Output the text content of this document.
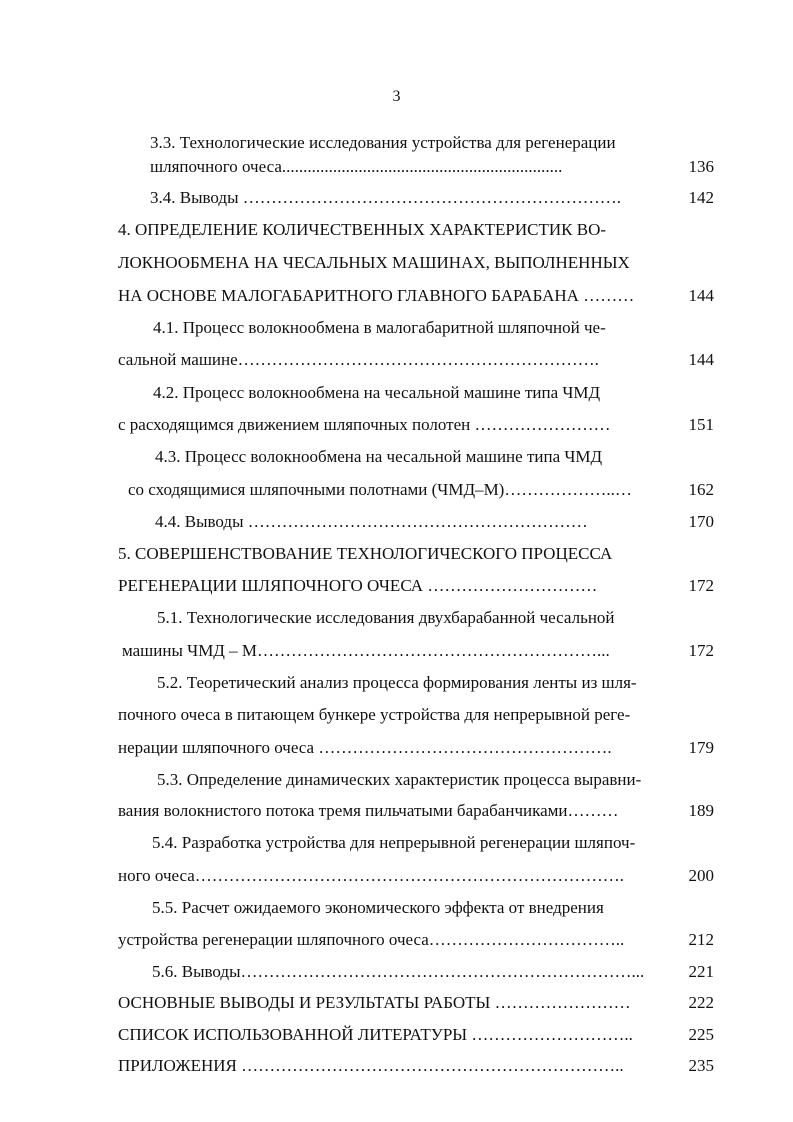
3
3.3. Технологические исследования устройства для регенерации
шляпочного очеса..................................................................	136
3.4. Выводы ………………………………………………………….	142
4. ОПРЕДЕЛЕНИЕ КОЛИЧЕСТВЕННЫХ ХАРАКТЕРИСТИК ВО-
ЛОКНООБМЕНА НА ЧЕСАЛЬНЫХ МАШИНАХ, ВЫПОЛНЕННЫХ
НА ОСНОВЕ МАЛОГАБАРИТНОГО ГЛАВНОГО БАРАБАНА ………	144
4.1. Процесс волокнообмена в малогабаритной шляпочной че-
сальной машине……………………………………………………….	144
4.2. Процесс волокнообмена на чесальной машине типа ЧМД
с расходящимся движением шляпочных полотен ……………………	151
4.3. Процесс волокнообмена на чесальной машине типа ЧМД
со сходящимися шляпочными полотнами (ЧМД–М)………………..…	162
4.4. Выводы ……………………………………………………	170
5. СОВЕРШЕНСТВОВАНИЕ ТЕХНОЛОГИЧЕСКОГО ПРОЦЕССА
РЕГЕНЕРАЦИИ ШЛЯПОЧНОГО ОЧЕСА …………………………	172
5.1. Технологические исследования двухбарабанной чесальной
машины ЧМД – М……………………………………………………...	172
5.2. Теоретический анализ процесса формирования ленты из шля-
почного очеса в питающем бункере устройства для непрерывной реге-
нерации шляпочного очеса …………………………………………….	179
5.3. Определение динамических характеристик процесса выравни-
вания волокнистого потока тремя пильчатыми барабанчиками………	189
5.4. Разработка устройства для непрерывной регенерации шляпоч-
ного очеса………………………………………………………………….	200
5.5. Расчет ожидаемого экономического эффекта от внедрения
устройства регенерации шляпочного очеса……………………………..	212
5.6. Выводы……………………………………………………………...	221
ОСНОВНЫЕ ВЫВОДЫ И РЕЗУЛЬТАТЫ РАБОТЫ ……………………	222
СПИСОК ИСПОЛЬЗОВАННОЙ ЛИТЕРАТУРЫ ………………………..	225
ПРИЛОЖЕНИЯ …………………………………………………………..	235
